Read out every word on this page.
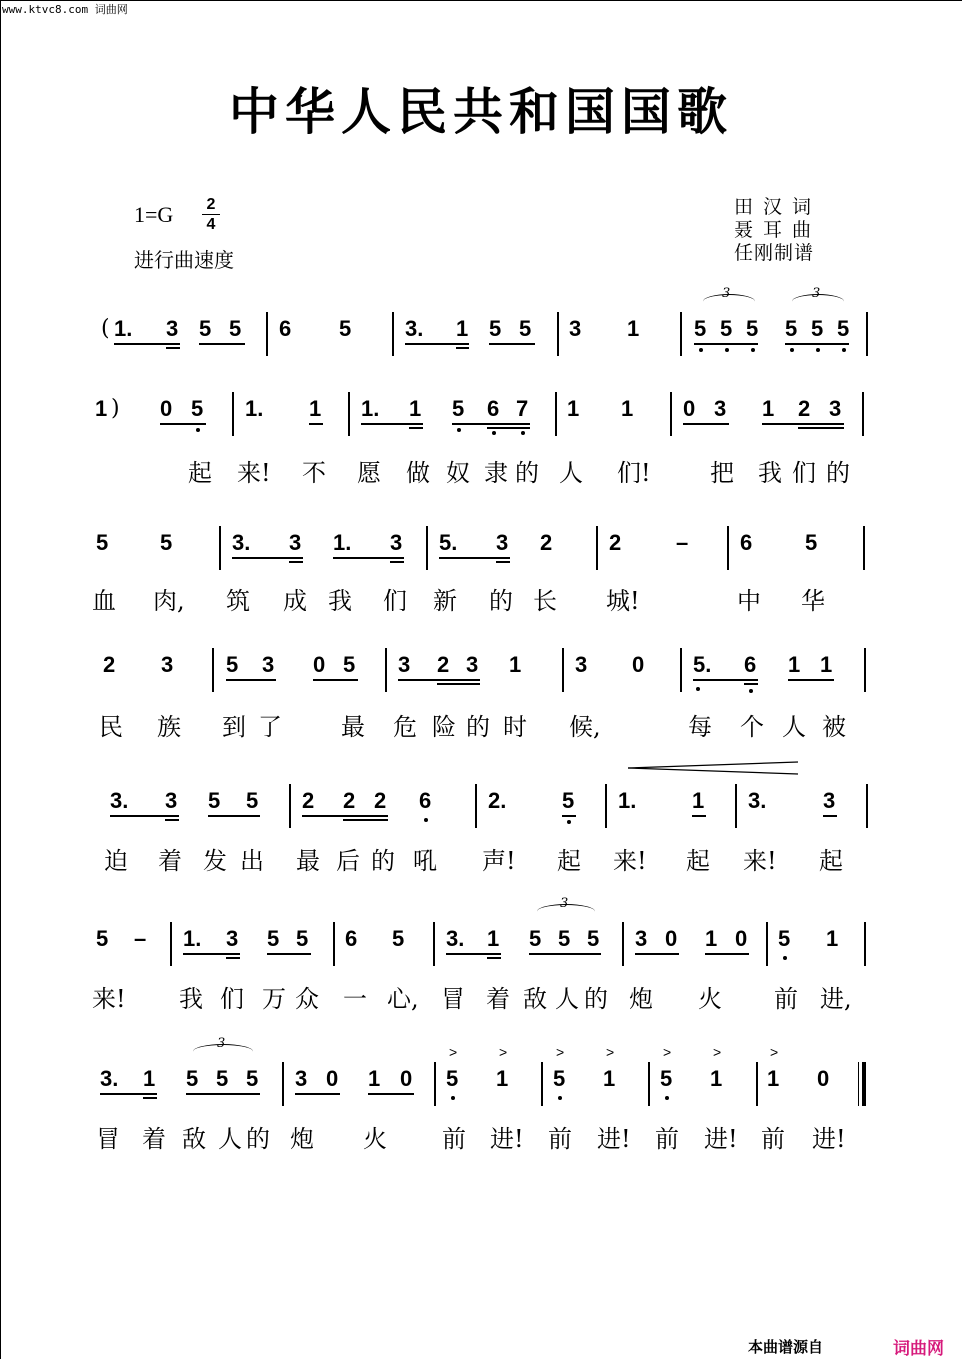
www.ktvc8.com 词曲网
中华人民共和国国歌
1=G 2
4
进行曲速度
田汉词
聂耳曲
任刚制谱
( 1. 3 5 5 6 5 3. 1 5 5 3 1
3
5 5 5
3
5 5 5
1 ) 0 5 1. 1 1. 1 5 6 7 1 1 0 3 1 2 3
起 来! 不 愿 做 奴 隶 的 人 们! 把 我 们 的
5 5	3. 3 1. 3 5. 3 2	2 – 6 5
血 肉, 筑 成 我 们 新 的 长 城!	中 华
2 3 5 3 0 5 3 2 3 1 3 0 5. 6 1 1
民 族 到 了 最 危 险 的 时 候,	每 个 人 被
3. 3 5 5 2 2 2 6	2.	5 1.	1 3.	3
迫 着 发 出 最 后 的 吼 声! 起 来! 起 来! 起
5 – 1. 3 5 5 6 5 3. 1
3
5 5 5 3 0 1 0 5 1
来! 我 们 万 众 一 心, 冒 着 敌 人 的 炮 火 前 进,
3. 1
3
5 5 5 3 0 1 0
>
5
>
1
>
5
>
1
>
5
>
1
>
1 0
冒 着 敌 人 的 炮 火 前 进! 前 进! 前 进! 前 进!
本曲谱源自	词曲网
